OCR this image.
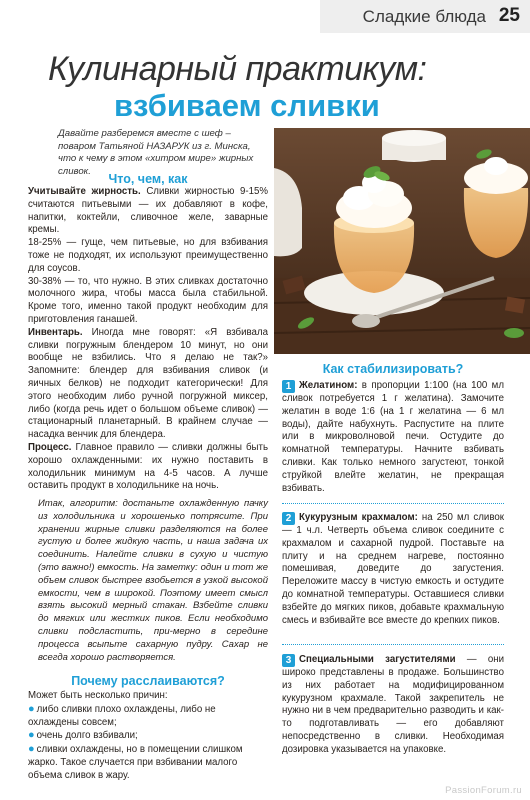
Сладкие блюда 25
Кулинарный практикум:
взбиваем сливки
Давайте разберемся вместе с шеф – поваром Татьяной НАЗАРУК из г. Минска, что к чему в этом «хитром мире» жирных сливок.
Что, чем, как

Учитывайте жирность. Сливки жирностью 9-15% считаются питьевыми — их добавляют в кофе, напитки, коктейли, сливочное желе, заварные кремы.

18-25% — гуще, чем питьевые, но для взбивания тоже не подходят, их используют преимущественно для соусов.

30-38% — то, что нужно. В этих сливках достаточно молочного жира, чтобы масса была стабильной. Кроме того, именно такой продукт необходим для приготовления ганашей.

Инвентарь. Иногда мне говорят: «Я взбивала сливки погружным блендером 10 минут, но они вообще не взбились. Что я делаю не так?» Запомните: блендер для взбивания сливок (и яичных белков) не подходит категорически! Для этого необходим либо ручной погружной миксер, либо (когда речь идет о большом объеме сливок) — стационарный планетарный. В крайнем случае — насадка венчик для блендера.

Процесс. Главное правило — сливки должны быть хорошо охлажденными: их нужно поставить в холодильник минимум на 4-5 часов. А лучше оставить продукт в холодильнике на ночь.

Итак, алгоритм: достаньте охлажденную пачку из холодильника и хорошенько потрясите. При хранении жирные сливки разделяются на более густую и более жидкую часть, и наша задача их соединить. Налейте сливки в сухую и чистую (это важно!) емкость. На заметку: один и тот же объем сливок быстрее взобьется в узкой высокой емкости, чем в широкой. Поэтому имеет смысл взять высокий мерный стакан. Взбейте сливки до мягких или жестких пиков. Если необходимо сливки подсластить, при-мерно в середине процесса всыпьте сахарную пудру. Сахар не всегда хорошо растворяется.
Почему расслаиваются?

Может быть несколько причин:

● либо сливки плохо охлаждены, либо не охлаждены совсем;

● очень долго взбивали;

● сливки охлаждены, но в помещении слишком жарко. Такое случается при взбивании малого объема сливок в жару.

Как стабилизировать?
1 Желатином: в пропорции 1:100 (на 100 мл сливок потребуется 1 г желатина). Замочите желатин в воде 1:6 (на 1 г желатина — 6 мл воды), дайте набухнуть. Распустите на плите или в микроволновой печи. Остудите до комнатной температуры. Начните взбивать сливки. Как только немного загустеют, тонкой струйкой влейте желатин, не прекращая взбивать.
2 Кукурузным крахмалом: на 250 мл сливок — 1 ч.л. Четверть объема сливок соедините с крахмалом и сахарной пудрой. Поставьте на плиту и на среднем нагреве, постоянно помешивая, доведите до загустения. Переложите массу в чистую емкость и остудите до комнатной температуры. Оставшиеся сливки взбейте до мягких пиков, добавьте крахмальную смесь и взбивайте все вместе до крепких пиков.
3 Специальными загустителями — они широко представлены в продаже. Большинство из них работает на модифицированном кукурузном крахмале. Такой закрепитель не нужно ни в чем предварительно разводить и как-то подготавливать — его добавляют непосредственно в сливки. Необходимая дозировка указывается на упаковке.
PassionForum.ru
